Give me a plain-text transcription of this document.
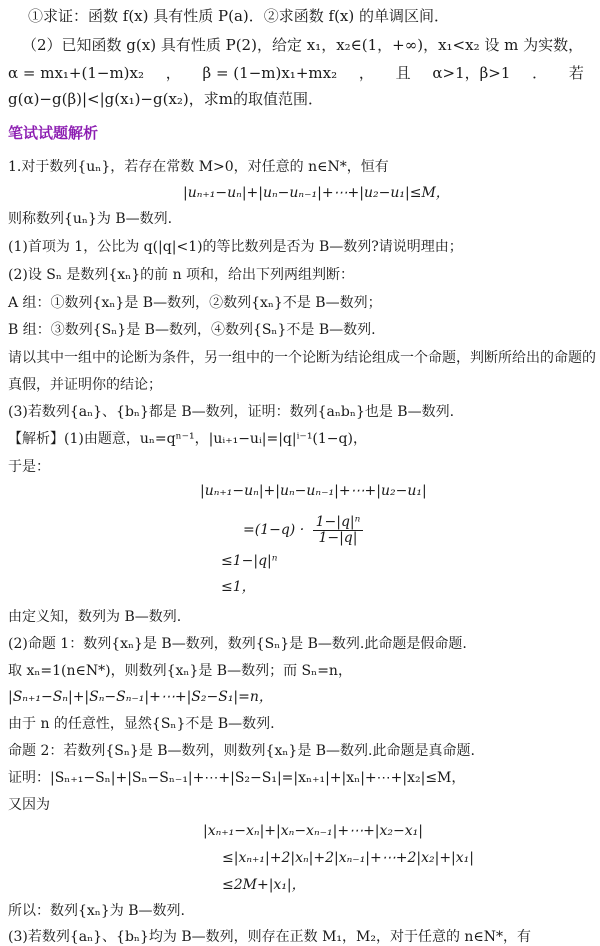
①求证：函数 f(x) 具有性质 P(a)．②求函数 f(x) 的单调区间．
（2）已知函数 g(x) 具有性质 P(2)，给定 x₁，x₂∈(1，+∞)，x₁<x₂ 设 m 为实数，
α = mx₁+(1−m)x₂ ， β = (1−m)x₁+mx₂ ， 且 α>1，β>1 ． 若
g(α)−g(β)|<|g(x₁)−g(x₂)，求m的取值范围．
笔试试题解析
1.对于数列{uₙ}，若存在常数 M>0，对任意的 n∈N*，恒有
|uₙ₊₁−uₙ|+|uₙ−uₙ₋₁|+⋯+|u₂−u₁|≤M，
则称数列{uₙ}为 B—数列.
(1)首项为 1，公比为 q(|q|<1)的等比数列是否为 B—数列?请说明理由；
(2)设 Sₙ 是数列{xₙ}的前 n 项和，给出下列两组判断：
A 组：①数列{xₙ}是 B—数列，②数列{xₙ}不是 B—数列；
B 组：③数列{Sₙ}是 B—数列，④数列{Sₙ}不是 B—数列.
请以其中一组中的论断为条件，另一组中的一个论断为结论组成一个命题，判断所给出的命题的
真假，并证明你的结论；
(3)若数列{aₙ}、{bₙ}都是 B—数列，证明：数列{aₙbₙ}也是 B—数列.
【解析】(1)由题意，uₙ=qⁿ⁻¹，|uᵢ₊₁−uᵢ|=|q|ⁱ⁻¹(1−q)，
于是：
|uₙ₊₁−uₙ|+|uₙ−uₙ₋₁|+⋯+|u₂−u₁|
$=(1-q) \cdot \frac{\text{1−|q|ⁿ}}{1-|q|}$
≤1−|q|ⁿ
≤1，
由定义知，数列为 B—数列.
(2)命题 1：数列{xₙ}是 B—数列，数列{Sₙ}是 B—数列.此命题是假命题.
取 xₙ=1(n∈N*)，则数列{xₙ}是 B—数列；而 Sₙ=n，
|Sₙ₊₁−Sₙ|+|Sₙ−Sₙ₋₁|+⋯+|S₂−S₁|=n，
由于 n 的任意性，显然{Sₙ}不是 B—数列.
命题 2：若数列{Sₙ}是 B—数列，则数列{xₙ}是 B—数列.此命题是真命题.
证明：|Sₙ₊₁−Sₙ|+|Sₙ−Sₙ₋₁|+⋯+|S₂−S₁|=|xₙ₊₁|+|xₙ|+⋯+|x₂|≤M，
又因为
|xₙ₊₁−xₙ|+|xₙ−xₙ₋₁|+⋯+|x₂−x₁|
≤|xₙ₊₁|+2|xₙ|+2|xₙ₋₁|+⋯+2|x₂|+|x₁|
≤2M+|x₁|，
所以：数列{xₙ}为 B—数列.
(3)若数列{aₙ}、{bₙ}均为 B—数列，则存在正数 M₁，M₂，对于任意的 n∈N*，有
